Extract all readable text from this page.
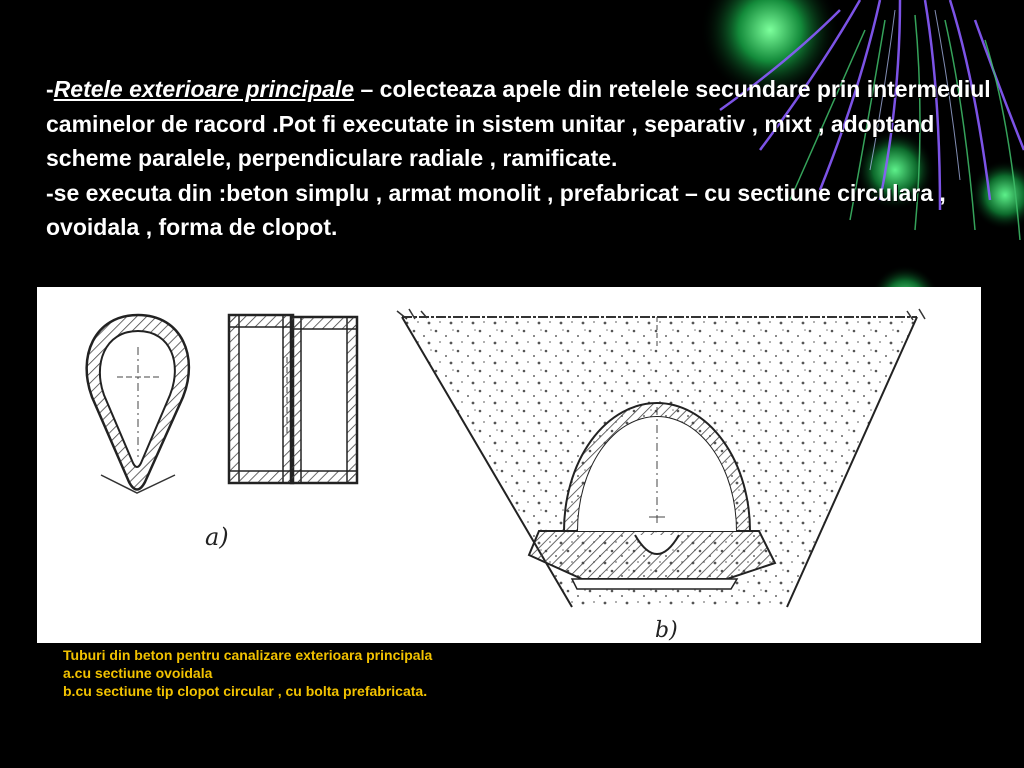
-Retele exterioare principale – colecteaza apele din retelele secundare prin intermediul caminelor de racord .Pot fi executate in sistem unitar , separativ , mixt , adoptand scheme paralele, perpendiculare radiale , ramificate.

-se executa din :beton simplu , armat monolit , prefabricat – cu sectiune circulara , ovoidala , forma de clopot.

a)
b)
Tuburi din beton pentru canalizare exterioara principala
a.cu sectiune ovoidala
b.cu sectiune tip clopot circular , cu bolta prefabricata.
